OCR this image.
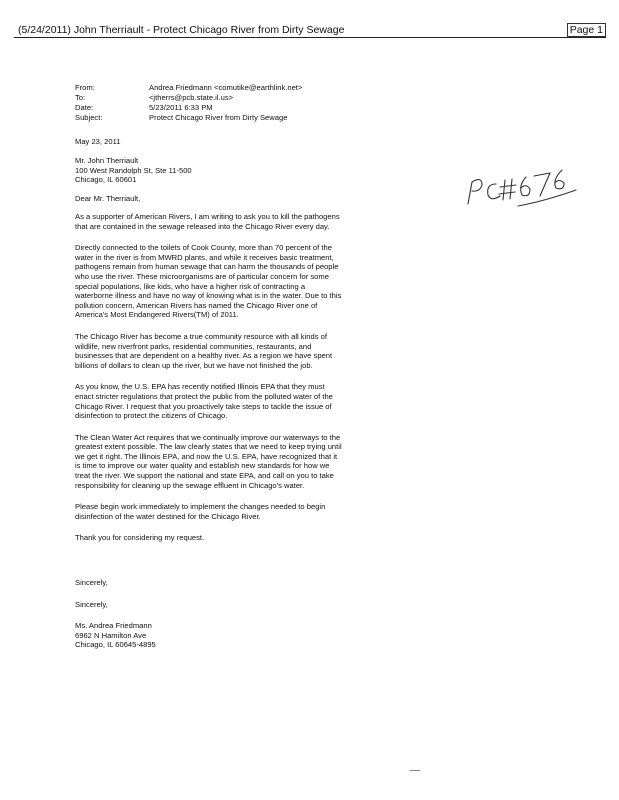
(5/24/2011) John Therriault - Protect Chicago River from Dirty Sewage	Page 1
From:	Andrea Friedmann <comutike@earthlink.net>
To:	<jtherrs@pcb.state.il.us>
Date:	5/23/2011 6:33 PM
Subject:	Protect Chicago River from Dirty Sewage
May 23, 2011
Mr. John Therriault
100 West Randolph St, Ste 11-500
Chicago, IL 60601
Dear Mr. Therriault,

As a supporter of American Rivers, I am writing to ask you to kill the pathogens that are contained in the sewage released into the Chicago River every day.

Directly connected to the toilets of Cook County, more than 70 percent of the water in the river is from MWRD plants, and while it receives basic treatment, pathogens remain from human sewage that can harm the thousands of people who use the river. These microorganisms are of particular concern for some special populations, like kids, who have a higher risk of contracting a waterborne illness and have no way of knowing what is in the water. Due to this pollution concern, American Rivers has named the Chicago River one of America's Most Endangered Rivers(TM) of 2011.

The Chicago River has become a true community resource with all kinds of wildlife, new riverfront parks, residential communities, restaurants, and businesses that are dependent on a healthy river. As a region we have spent billions of dollars to clean up the river, but we have not finished the job.

As you know, the U.S. EPA has recently notified Illinois EPA that they must enact stricter regulations that protect the public from the polluted water of the Chicago River. I request that you proactively take steps to tackle the issue of disinfection to protect the citizens of Chicago.

The Clean Water Act requires that we continually improve our waterways to the greatest extent possible. The law clearly states that we need to keep trying until we get it right. The Illinois EPA, and now the U.S. EPA, have recognized that it is time to improve our water quality and establish new standards for how we treat the river. We support the national and state EPA, and call on you to take responsibility for cleaning up the sewage effluent in Chicago's water.

Please begin work immediately to implement the changes needed to begin disinfection of the water destined for the Chicago River.

Thank you for considering my request.

Sincerely,

Sincerely,

Ms. Andrea Friedmann
6962 N Hamilton Ave
Chicago, IL 60645-4895
